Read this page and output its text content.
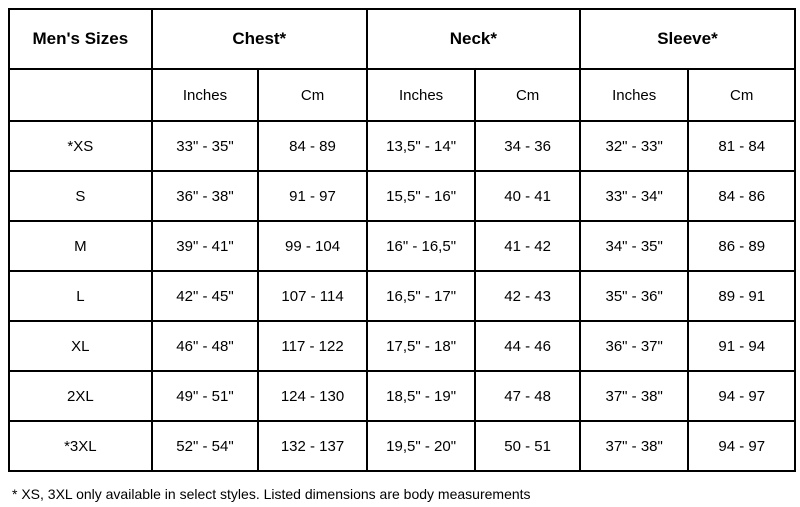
Men's Sizes	Chest*		Neck*		Sleeve*	
	Inches	Cm	Inches	Cm	Inches	Cm
*XS	33" - 35"	84 - 89	13,5" - 14"	34 - 36	32" - 33"	81 - 84
S	36" - 38"	91 - 97	15,5" - 16"	40 - 41	33" - 34"	84 - 86
M	39" - 41"	99 - 104	16" - 16,5"	41 - 42	34" - 35"	86 - 89
L	42" - 45"	107 - 114	16,5" - 17"	42 - 43	35" - 36"	89 - 91
XL	46" - 48"	117 - 122	17,5" - 18"	44 - 46	36" - 37"	91 - 94
2XL	49" - 51"	124 - 130	18,5" - 19"	47 - 48	37" - 38"	94 - 97
*3XL	52" - 54"	132 - 137	19,5" - 20"	50 - 51	37" - 38"	94 - 97
* XS, 3XL only available in select styles. Listed dimensions are body measurements
